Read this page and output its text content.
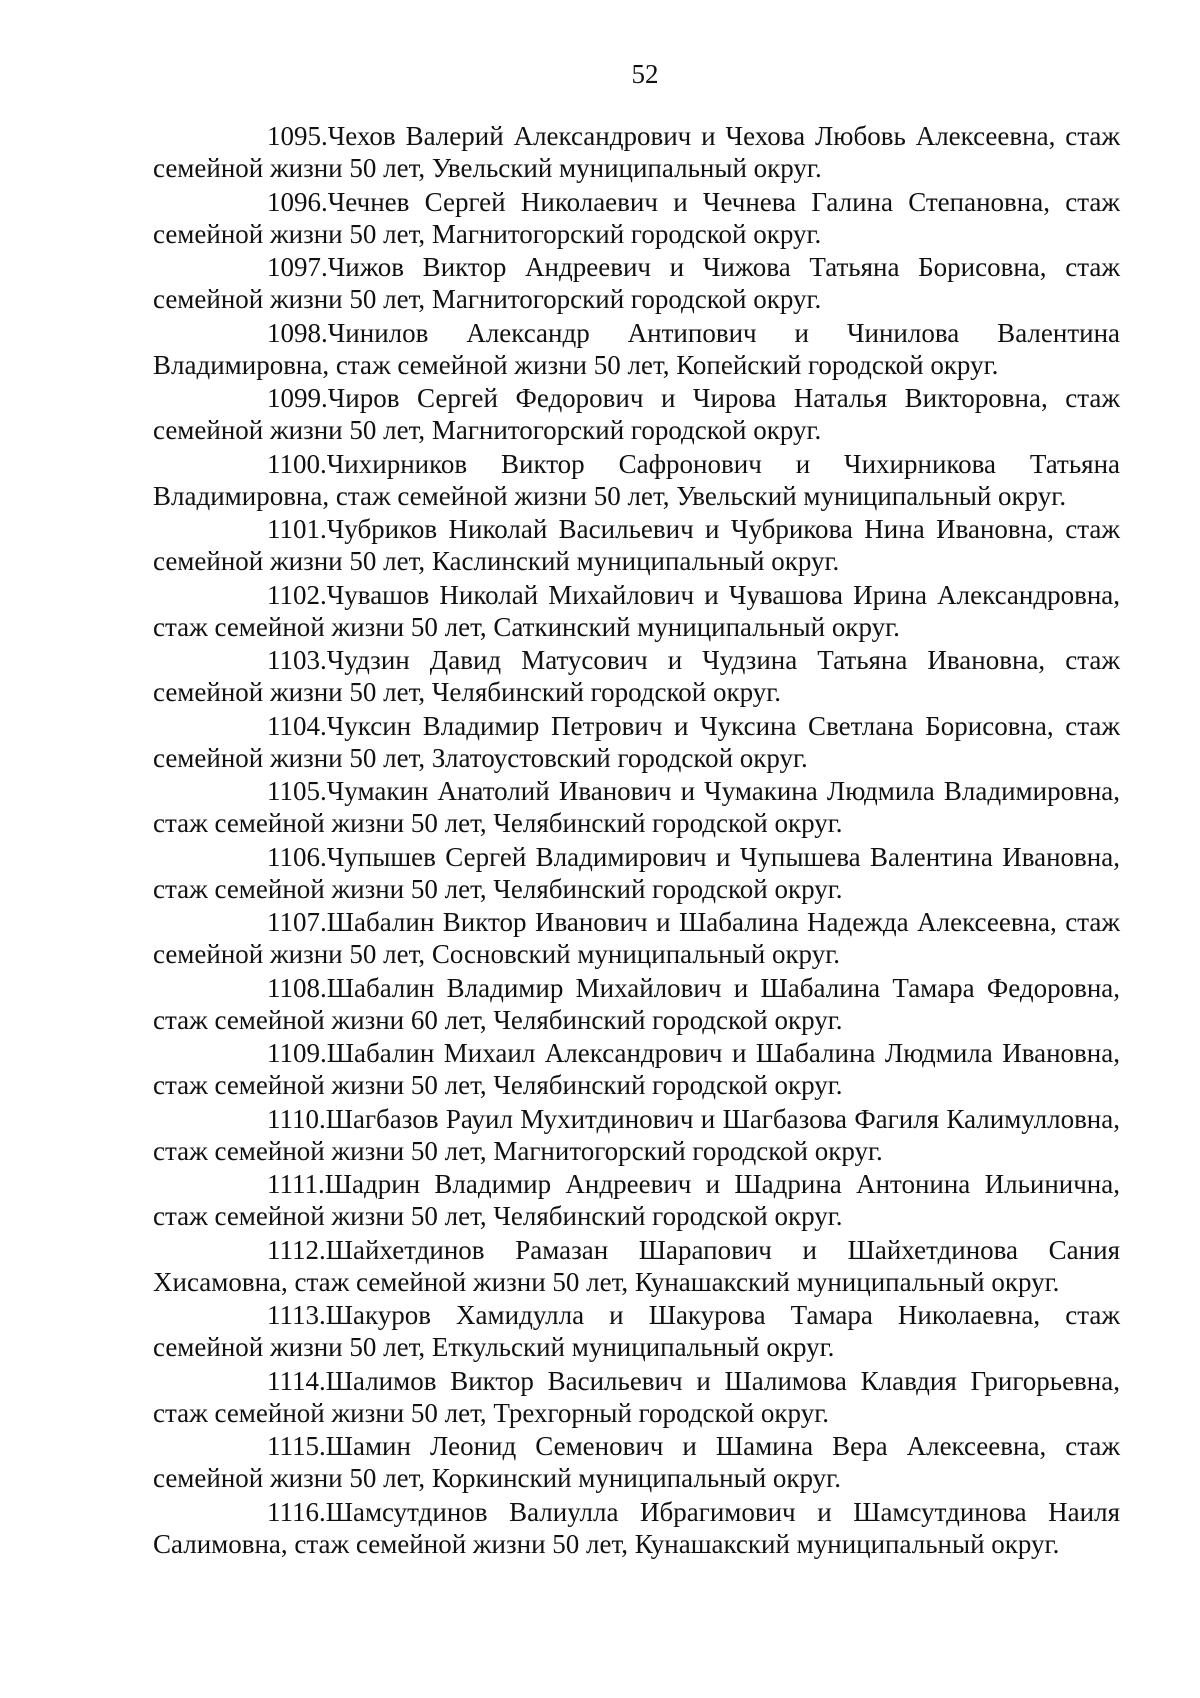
52

1095.Чехов Валерий Александрович и Чехова Любовь Алексеевна, стаж семейной жизни 50 лет, Увельский муниципальный округ.

1096.Чечнев Сергей Николаевич и Чечнева Галина Степановна, стаж семейной жизни 50 лет, Магнитогорский городской округ.

1097.Чижов Виктор Андреевич и Чижова Татьяна Борисовна, стаж семейной жизни 50 лет, Магнитогорский городской округ.

1098.Чинилов Александр Антипович и Чинилова Валентина Владимировна, стаж семейной жизни 50 лет, Копейский городской округ.

1099.Чиров Сергей Федорович и Чирова Наталья Викторовна, стаж семейной жизни 50 лет, Магнитогорский городской округ.

1100.Чихирников Виктор Сафронович и Чихирникова Татьяна Владимировна, стаж семейной жизни 50 лет, Увельский муниципальный округ.

1101.Чубриков Николай Васильевич и Чубрикова Нина Ивановна, стаж семейной жизни 50 лет, Каслинский муниципальный округ.

1102.Чувашов Николай Михайлович и Чувашова Ирина Александровна, стаж семейной жизни 50 лет, Саткинский муниципальный округ.

1103.Чудзин Давид Матусович и Чудзина Татьяна Ивановна, стаж семейной жизни 50 лет, Челябинский городской округ.

1104.Чуксин Владимир Петрович и Чуксина Светлана Борисовна, стаж семейной жизни 50 лет, Златоустовский городской округ.

1105.Чумакин Анатолий Иванович и Чумакина Людмила Владимировна, стаж семейной жизни 50 лет, Челябинский городской округ.

1106.Чупышев Сергей Владимирович и Чупышева Валентина Ивановна, стаж семейной жизни 50 лет, Челябинский городской округ.

1107.Шабалин Виктор Иванович и Шабалина Надежда Алексеевна, стаж семейной жизни 50 лет, Сосновский муниципальный округ.

1108.Шабалин Владимир Михайлович и Шабалина Тамара Федоровна, стаж семейной жизни 60 лет, Челябинский городской округ.

1109.Шабалин Михаил Александрович и Шабалина Людмила Ивановна, стаж семейной жизни 50 лет, Челябинский городской округ.

1110.Шагбазов Рауил Мухитдинович и Шагбазова Фагиля Калимулловна, стаж семейной жизни 50 лет, Магнитогорский городской округ.

1111.Шадрин Владимир Андреевич и Шадрина Антонина Ильинична, стаж семейной жизни 50 лет, Челябинский городской округ.

1112.Шайхетдинов Рамазан Шарапович и Шайхетдинова Сания Хисамовна, стаж семейной жизни 50 лет, Кунашакский муниципальный округ.

1113.Шакуров Хамидулла и Шакурова Тамара Николаевна, стаж семейной жизни 50 лет, Еткульский муниципальный округ.

1114.Шалимов Виктор Васильевич и Шалимова Клавдия Григорьевна, стаж семейной жизни 50 лет, Трехгорный городской округ.

1115.Шамин Леонид Семенович и Шамина Вера Алексеевна, стаж семейной жизни 50 лет, Коркинский муниципальный округ.

1116.Шамсутдинов Валиулла Ибрагимович и Шамсутдинова Наиля Салимовна, стаж семейной жизни 50 лет, Кунашакский муниципальный округ.
